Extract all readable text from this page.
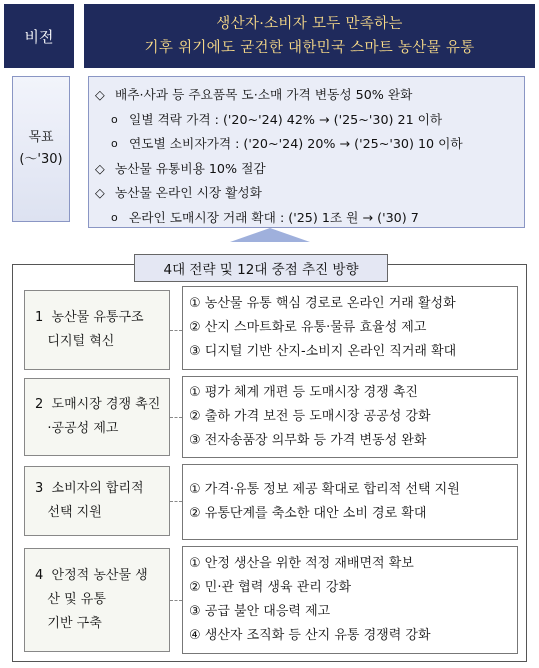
비전
생산자·소비자 모두 만족하는
기후 위기에도 굳건한 대한민국 스마트 농산물 유통
목표
(～'30)
◇ 배추·사과 등 주요품목 도·소매 가격 변동성 50% 완화
ο 일별 격락 가격 : ('20~'24) 42% → ('25~'30) 21 이하
ο 연도별 소비자가격 : ('20~'24) 20% → ('25~'30) 10 이하
◇ 농산물 유통비용 10% 절감
◇ 농산물 온라인 시장 활성화
ο 온라인 도매시장 거래 확대 : ('25) 1조 원 → ('30) 7
4대 전략 및 12대 중점 추진 방향
1  농산물 유통구조
디지털 혁신
① 농산물 유통 핵심 경로로 온라인 거래 활성화
② 산지 스마트화로 유통·물류 효율성 제고
③ 디지털 기반 산지-소비지 온라인 직거래 확대
2  도매시장 경쟁 촉진
·공공성 제고
① 평가 체계 개편 등 도매시장 경쟁 촉진
② 출하 가격 보전 등 도매시장 공공성 강화
③ 전자송품장 의무화 등 가격 변동성 완화
3  소비자의 합리적
선택 지원
① 가격·유통 정보 제공 확대로 합리적 선택 지원
② 유통단계를 축소한 대안 소비 경로 확대
4  안정적 농산물 생
산 및 유통
기반 구축
① 안정 생산을 위한 적정 재배면적 확보
② 민·관 협력 생육 관리 강화
③ 공급 불안 대응력 제고
④ 생산자 조직화 등 산지 유통 경쟁력 강화
